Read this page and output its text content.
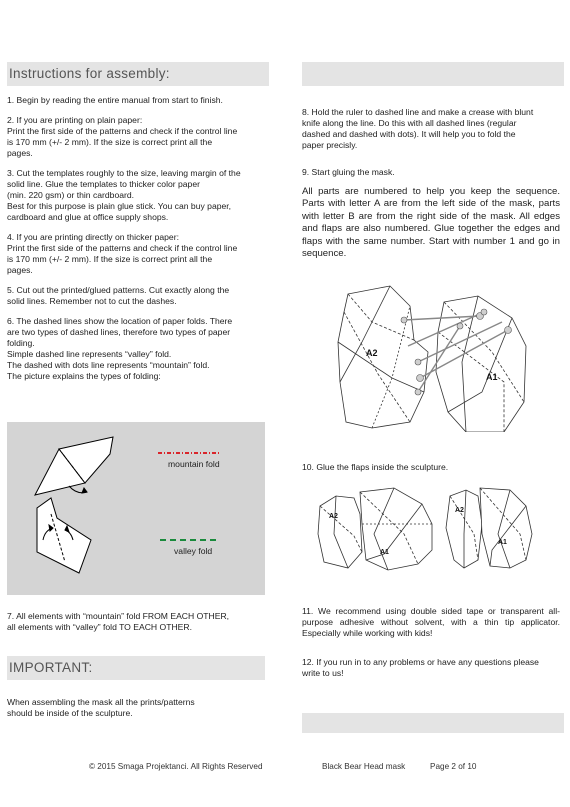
Instructions for assembly:
1. Begin by reading the entire manual from start to finish.
2. If you are printing on plain paper:
Print the first side of the patterns and check if the control line
is 170 mm (+/- 2 mm). If the size is correct print all the
pages.
3. Cut the templates roughly to the size, leaving margin of the
solid line. Glue the templates to thicker color paper
(min. 220 gsm) or thin cardboard.
Best for this purpose is plain glue stick. You can buy paper,
cardboard and glue at office supply shops.
4. If you are printing directly on thicker paper:
Print the first side of the patterns and check if the control line
is 170 mm (+/- 2 mm). If the size is correct print all the
pages.
5. Cut out the printed/glued patterns. Cut exactly along the
solid lines. Remember not to cut the dashes.
6. The dashed lines show the location of paper folds. There
are two types of dashed lines, therefore two types of paper
folding.
Simple dashed line represents “valley” fold.
The dashed with dots line represents “mountain” fold.
The picture explains the types of folding:
mountain fold
valley fold
7. All elements with “mountain” fold FROM EACH OTHER,
all elements with “valley” fold TO EACH OTHER.
IMPORTANT:
When assembling the mask all the prints/patterns
should be inside of the sculpture.
8. Hold the ruler to dashed line and make a crease with blunt
knife along the line. Do this with all dashed lines (regular
dashed and dashed with dots). It will help you to fold the
paper precisly.
9. Start gluing the mask.
All parts are numbered to help you keep the sequence. Parts with letter A are from the left side of the mask, parts with letter B are from the right side of the mask. All edges and flaps are also numbered. Glue together the edges and flaps with the same number. Start with number 1 and go in sequence.
A2
A1
10. Glue the flaps inside the sculpture.
A2
A1
A2
A1
11. We recommend using double sided tape or transparent all-purpose adhesive without solvent, with a thin tip applicator. Especially while working with kids!
12. If you run in to any problems or have any questions please
write to us!
© 2015 Smaga Projektanci. All Rights Reserved	Black Bear Head mask	Page 2 of 10
